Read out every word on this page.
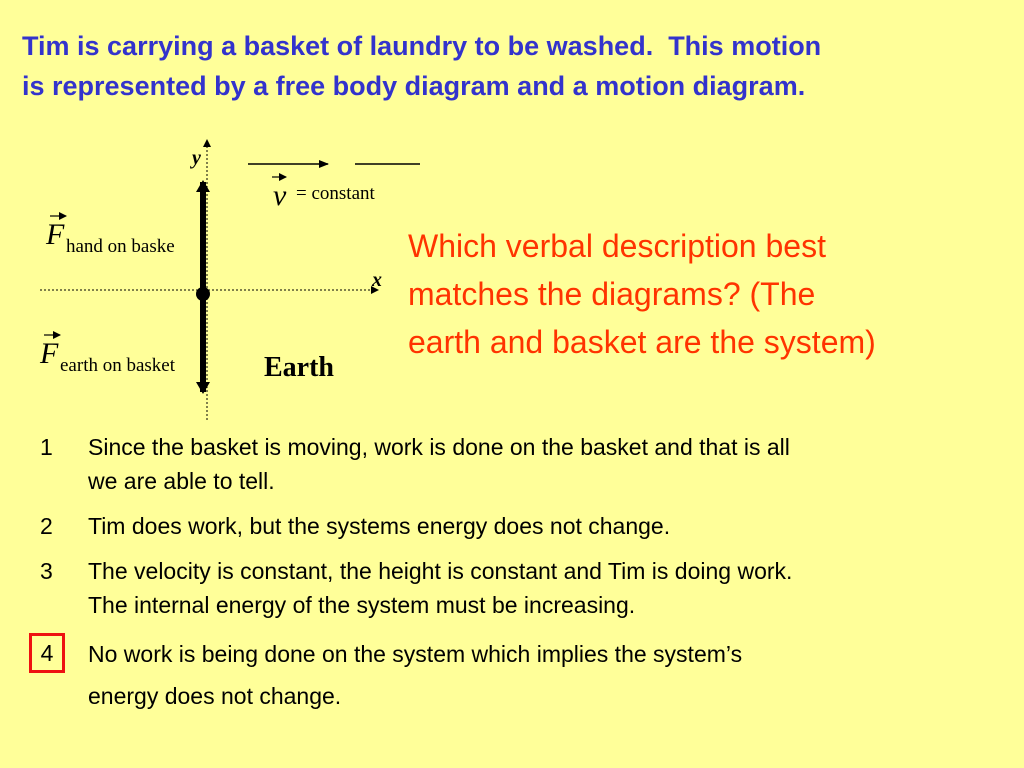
Tim is carrying a basket of laundry to be washed.  This motion
is represented by a free body diagram and a motion diagram.
y
x
v = constant
F hand on baske
F earth on basket	Earth

Which verbal description best
matches the diagrams? (The
earth and basket are the system)

1 Since the basket is moving, work is done on the basket and that is all
we are able to tell.
2 Tim does work, but the systems energy does not change.
3 The velocity is constant, the height is constant and Tim is doing work.
The internal energy of the system must be increasing.
4	No work is being done on the system which implies the system’s
energy does not change.
